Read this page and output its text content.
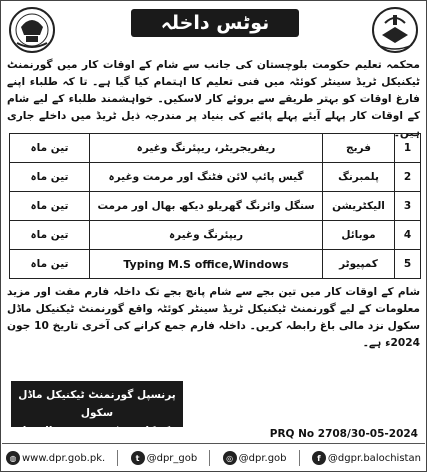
نوٹس داخلہ
محکمہ تعلیم حکومت بلوچستان کی جانب سے شام کے اوقات کار میں گورنمنٹ ٹیکنیکل ٹریڈ سینٹر کوئٹہ میں فنی تعلیم کا اہتمام کیا گیا ہے۔ تا کہ طلباء اپنے فارغ اوقات کو بہتر طریقے سے بروئے کار لاسکیں۔ خواہشمند طلباء کے لیے شام کے اوقات کار پہلے آیئے پہلے پائیے کی بنیاد پر مندرجہ ذیل ٹریڈ میں داخلے جاری ہیں۔
1	فریج	ریفریجریٹر، ریپئرنگ وغیرہ	تین ماہ
2	پلمبرنگ	گیس پائپ لائن فٹنگ اور مرمت وغیرہ	تین ماہ
3	الیکٹریشن	سنگل وائرنگ گھریلو دیکھ بھال اور مرمت	تین ماہ
4	موبائل	ریپئرنگ وغیرہ	تین ماہ
5	کمپیوٹر	Typing M.S office,Windows	تین ماہ
شام کے اوقات کار میں تین بجے سے شام پانچ بجے تک داخلہ فارم مفت اور مزید معلومات کے لیے گورنمنٹ ٹیکنیکل ٹریڈ سینٹر کوئٹہ واقع گورنمنٹ ٹیکنیکل ماڈل سکول نزد مالی باغ رابطہ کریں۔ داخلہ فارم جمع کرانے کی آخری تاریخ 10 جون 2024ء ہے۔
پرنسپل گورنمنٹ ٹیکنیکل ماڈل سکول
ٹیکنیکل ٹریڈ سینٹر نزد مالی باغ کوئٹہ
PRQ No 2708/30-05-2024
◍ www.dpr.gob.pk.	t @dpr_gob	◎ @dpr.gob	f @dgpr.balochistan
